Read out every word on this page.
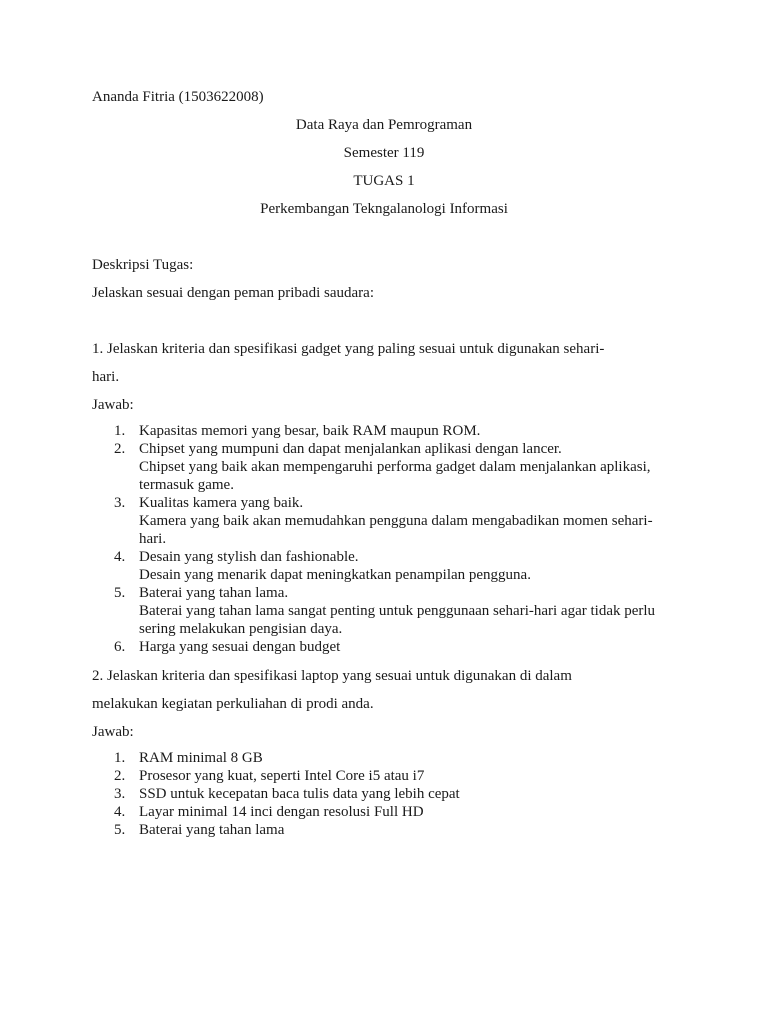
Ananda Fitria (1503622008)
Data Raya dan Pemrograman
Semester 119
TUGAS 1
Perkembangan Tekngalanologi Informasi
Deskripsi Tugas:
Jelaskan sesuai dengan peman pribadi saudara:
1. Jelaskan kriteria dan spesifikasi gadget yang paling sesuai untuk digunakan sehari-
hari.
Jawab:
1. Kapasitas memori yang besar, baik RAM maupun ROM.
2. Chipset yang mumpuni dan dapat menjalankan aplikasi dengan lancer.
Chipset yang baik akan mempengaruhi performa gadget dalam menjalankan aplikasi,
termasuk game.
3. Kualitas kamera yang baik.
Kamera yang baik akan memudahkan pengguna dalam mengabadikan momen sehari-
hari.
4. Desain yang stylish dan fashionable.
Desain yang menarik dapat meningkatkan penampilan pengguna.
5. Baterai yang tahan lama.
Baterai yang tahan lama sangat penting untuk penggunaan sehari-hari agar tidak perlu
sering melakukan pengisian daya.
6. Harga yang sesuai dengan budget
2. Jelaskan kriteria dan spesifikasi laptop yang sesuai untuk digunakan di dalam
melakukan kegiatan perkuliahan di prodi anda.
Jawab:
1. RAM minimal 8 GB
2. Prosesor yang kuat, seperti Intel Core i5 atau i7
3. SSD untuk kecepatan baca tulis data yang lebih cepat
4. Layar minimal 14 inci dengan resolusi Full HD
5. Baterai yang tahan lama
